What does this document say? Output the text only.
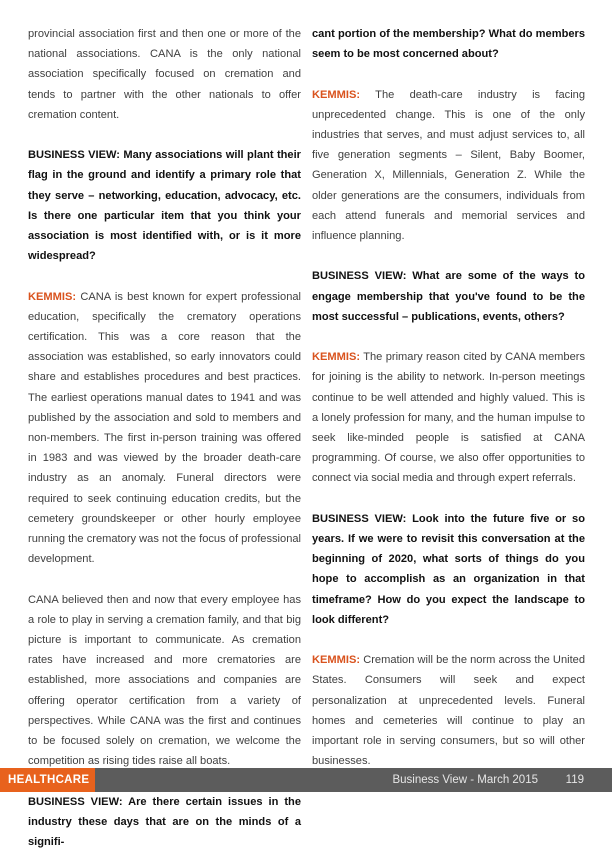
provincial association first and then one or more of the national associations. CANA is the only national association specifically focused on cremation and tends to partner with the other nationals to offer cremation content.

BUSINESS VIEW: Many associations will plant their flag in the ground and identify a primary role that they serve – networking, education, advocacy, etc. Is there one particular item that you think your association is most identified with, or is it more widespread?

KEMMIS: CANA is best known for expert professional education, specifically the crematory operations certification. This was a core reason that the association was established, so early innovators could share and establishes procedures and best practices. The earliest operations manual dates to 1941 and was published by the association and sold to members and non-members. The first in-person training was offered in 1983 and was viewed by the broader death-care industry as an anomaly. Funeral directors were required to seek continuing education credits, but the cemetery groundskeeper or other hourly employee running the crematory was not the focus of professional development.

CANA believed then and now that every employee has a role to play in serving a cremation family, and that big picture is important to communicate. As cremation rates have increased and more crematories are established, more associations and companies are offering operator certification from a variety of perspectives. While CANA was the first and continues to be focused solely on cremation, we welcome the competition as rising tides raise all boats.

BUSINESS VIEW: Are there certain issues in the industry these days that are on the minds of a signifi-

cant portion of the membership? What do members seem to be most concerned about?

KEMMIS: The death-care industry is facing unprecedented change. This is one of the only industries that serves, and must adjust services to, all five generation segments – Silent, Baby Boomer, Generation X, Millennials, Generation Z. While the older generations are the consumers, individuals from each attend funerals and memorial services and influence planning.

BUSINESS VIEW: What are some of the ways to engage membership that you've found to be the most successful – publications, events, others?

KEMMIS: The primary reason cited by CANA members for joining is the ability to network. In-person meetings continue to be well attended and highly valued. This is a lonely profession for many, and the human impulse to seek like-minded people is satisfied at CANA programming. Of course, we also offer opportunities to connect via social media and through expert referrals.

BUSINESS VIEW: Look into the future five or so years. If we were to revisit this conversation at the beginning of 2020, what sorts of things do you hope to accomplish as an organization in that timeframe? How do you expect the landscape to look different?

KEMMIS: Cremation will be the norm across the United States. Consumers will seek and expect personalization at unprecedented levels. Funeral homes and cemeteries will continue to play an important role in serving consumers, but so will other businesses.

HEALTHCARE	Business View - March 2015 119
